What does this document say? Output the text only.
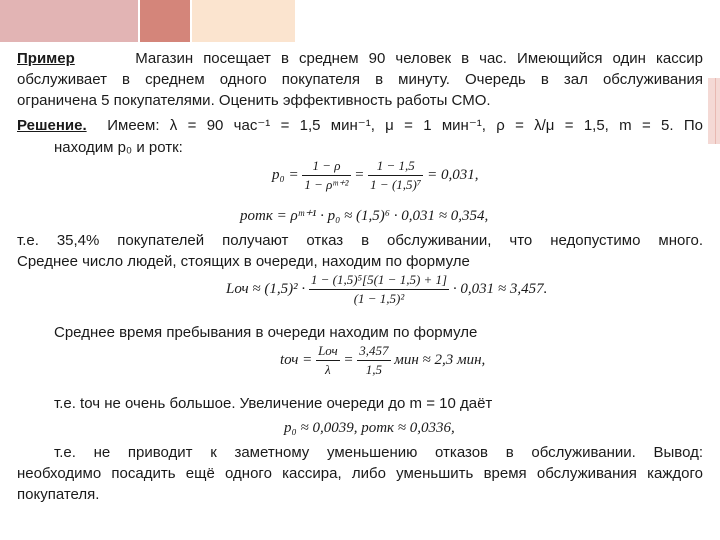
Пример	Магазин посещает в среднем 90 человек в час. Имеющийся один кассир

обслуживает в среднем одного покупателя в минуту. Очередь в зал обслуживания

ограничена 5 покупателями. Оценить эффективность работы СМО.

Решение. Имеем: λ = 90 час⁻¹ = 1,5 мин⁻¹, μ = 1 мин⁻¹, ρ = λ/μ = 1,5, m = 5. По

находим p₀ и pотк:

$p_0 = \frac{1 - \rho}{\text{1 − ρᵐ⁺²}} = \frac{1 - 1,5}{\text{1 − (1,5)⁷}} = 0,031$,
pотк = ρᵐ⁺¹ · p₀ ≈ (1,5)⁶ · 0,031 ≈ 0,354,

т.е. 35,4% покупателей получают отказ в обслуживании, что недопустимо много.

Среднее число людей, стоящих в очереди, находим по формуле

Lоч ≈ $(1,5)^2 \cdot \frac{\text{1 − (1,5)⁵[5(1 − 1,5) + 1]}}{\text{(1 − 1,5)²}} \cdot 0,031 \approx 3,457$.

Среднее время пребывания в очереди находим по формуле

tоч = $\frac{\text{Lоч}}{\lambda} = \frac{3,457}{1,5}$ мин ≈ 2,3 мин,

т.е. tоч не очень большое. Увеличение очереди до m = 10 даёт

p₀ ≈ 0,0039, pотк ≈ 0,0336,

т.е. не приводит к заметному уменьшению отказов в обслуживании. Вывод:

необходимо посадить ещё одного кассира, либо уменьшить время обслуживания каждого

покупателя.
